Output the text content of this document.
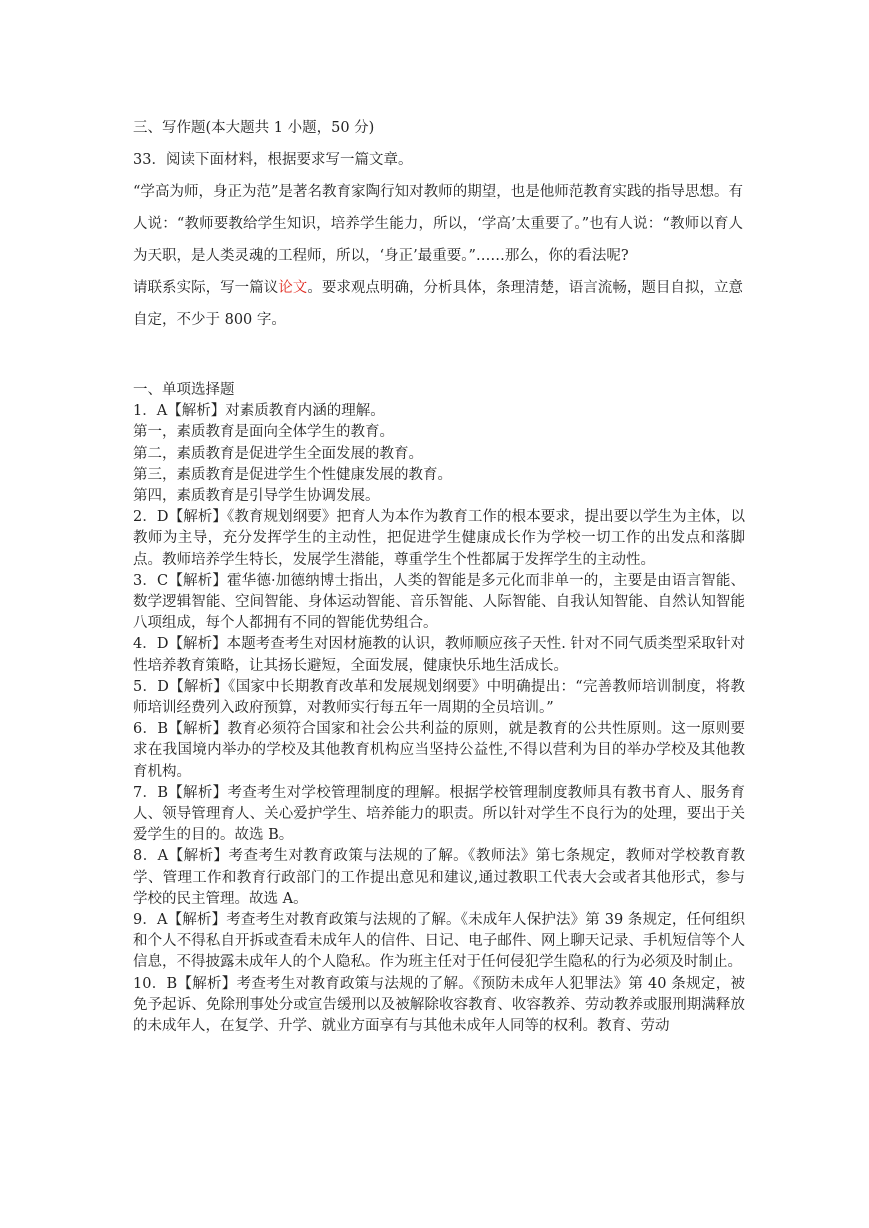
三、写作题(本大题共 1 小题，50 分)

33．阅读下面材料，根据要求写一篇文章。

“学高为师，身正为范”是著名教育家陶行知对教师的期望，也是他师范教育实践的指导思想。有人说：“教师要教给学生知识，培养学生能力，所以，‘学高’太重要了。”也有人说：“教师以育人为天职，是人类灵魂的工程师，所以，‘身正’最重要。”……那么，你的看法呢?

请联系实际，写一篇议论文。要求观点明确，分析具体，条理清楚，语言流畅，题目自拟，立意自定，不少于 800 字。

一、单项选择题

1．A【解析】对素质教育内涵的理解。

第一，素质教育是面向全体学生的教育。

第二，素质教育是促进学生全面发展的教育。

第三，素质教育是促进学生个性健康发展的教育。

第四，素质教育是引导学生协调发展。

2．D【解析】《教育规划纲要》把育人为本作为教育工作的根本要求，提出要以学生为主体，以教师为主导，充分发挥学生的主动性，把促进学生健康成长作为学校一切工作的出发点和落脚点。教师培养学生特长，发展学生潜能，尊重学生个性都属于发挥学生的主动性。

3．C【解析】霍华德·加德纳博士指出，人类的智能是多元化而非单一的，主要是由语言智能、数学逻辑智能、空间智能、身体运动智能、音乐智能、人际智能、自我认知智能、自然认知智能八项组成，每个人都拥有不同的智能优势组合。

4．D【解析】本题考查考生对因材施教的认识，教师顺应孩子天性. 针对不同气质类型采取针对性培养教育策略，让其扬长避短，全面发展，健康快乐地生活成长。

5．D【解析】《国家中长期教育改革和发展规划纲要》中明确提出：“完善教师培训制度，将教师培训经费列入政府预算，对教师实行每五年一周期的全员培训。”

6．B【解析】教育必须符合国家和社会公共利益的原则，就是教育的公共性原则。这一原则要求在我国境内举办的学校及其他教育机构应当坚持公益性,不得以营利为目的举办学校及其他教育机构。

7．B【解析】考查考生对学校管理制度的理解。根据学校管理制度教师具有教书育人、服务育人、领导管理育人、关心爱护学生、培养能力的职责。所以针对学生不良行为的处理，要出于关爱学生的目的。故选 B。

8．A【解析】考查考生对教育政策与法规的了解。《教师法》第七条规定，教师对学校教育教学、管理工作和教育行政部门的工作提出意见和建议,通过教职工代表大会或者其他形式，参与学校的民主管理。故选 A。

9．A【解析】考查考生对教育政策与法规的了解。《未成年人保护法》第 39 条规定，任何组织和个人不得私自开拆或查看未成年人的信件、日记、电子邮件、网上聊天记录、手机短信等个人信息，不得披露未成年人的个人隐私。作为班主任对于任何侵犯学生隐私的行为必须及时制止。

10．B【解析】考查考生对教育政策与法规的了解。《预防未成年人犯罪法》第 40 条规定，被免予起诉、免除刑事处分或宣告缓刑以及被解除收容教育、收容教养、劳动教养或服刑期满释放的未成年人，在复学、升学、就业方面享有与其他未成年人同等的权利。教育、劳动
